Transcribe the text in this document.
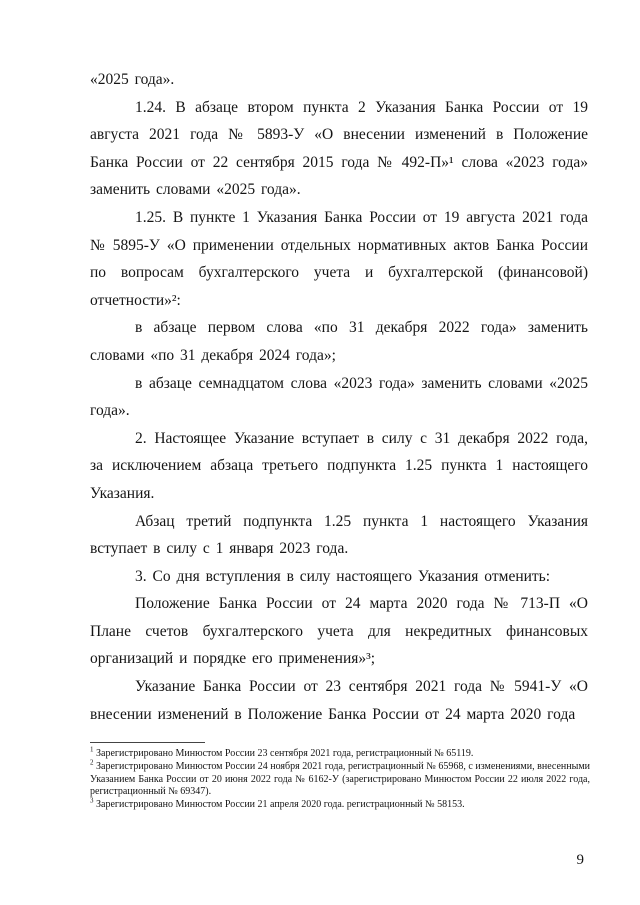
«2025 года».

1.24. В абзаце втором пункта 2 Указания Банка России от 19 августа 2021 года № 5893-У «О внесении изменений в Положение Банка России от 22 сентября 2015 года № 492-П»¹ слова «2023 года» заменить словами «2025 года».

1.25. В пункте 1 Указания Банка России от 19 августа 2021 года № 5895-У «О применении отдельных нормативных актов Банка России по вопросам бухгалтерского учета и бухгалтерской (финансовой) отчетности»²:

в абзаце первом слова «по 31 декабря 2022 года» заменить словами «по 31 декабря 2024 года»;

в абзаце семнадцатом слова «2023 года» заменить словами «2025 года».

2. Настоящее Указание вступает в силу с 31 декабря 2022 года, за исключением абзаца третьего подпункта 1.25 пункта 1 настоящего Указания.

Абзац третий подпункта 1.25 пункта 1 настоящего Указания вступает в силу с 1 января 2023 года.

3. Со дня вступления в силу настоящего Указания отменить:

Положение Банка России от 24 марта 2020 года № 713-П «О Плане счетов бухгалтерского учета для некредитных финансовых организаций и порядке его применения»³;

Указание Банка России от 23 сентября 2021 года № 5941-У «О внесении изменений в Положение Банка России от 24 марта 2020 года

$^1$ Зарегистрировано Минюстом России 23 сентября 2021 года, регистрационный № 65119.

$^2$ Зарегистрировано Минюстом России 24 ноября 2021 года, регистрационный № 65968, с изменениями, внесенными Указанием Банка России от 20 июня 2022 года № 6162-У (зарегистрировано Минюстом России 22 июля 2022 года, регистрационный № 69347).

$^3$ Зарегистрировано Минюстом России 21 апреля 2020 года. регистрационный № 58153.

9
